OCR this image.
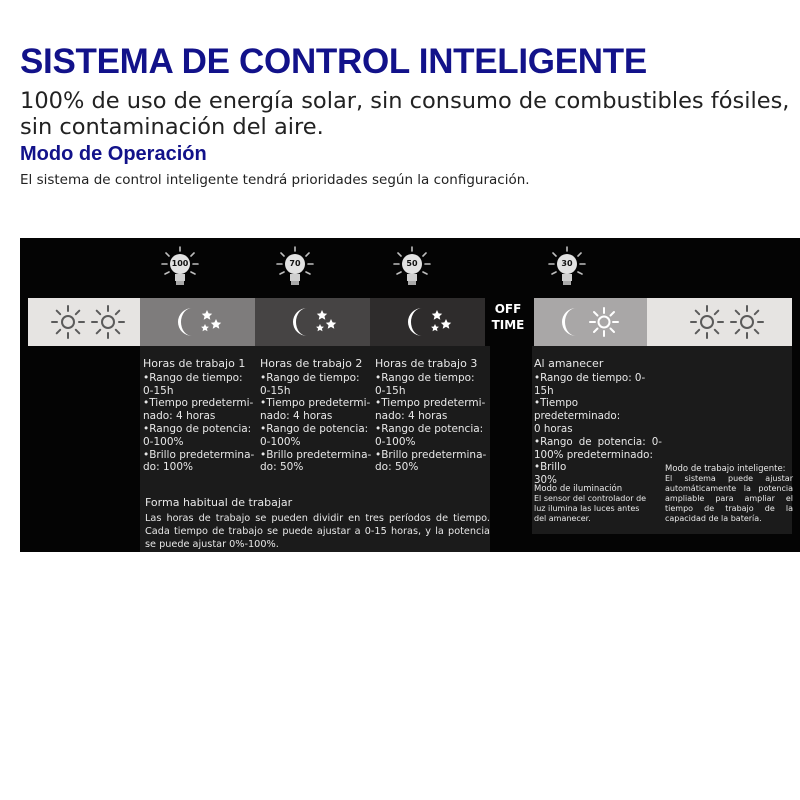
SISTEMA DE CONTROL INTELIGENTE
100% de uso de energía solar, sin consumo de combustibles fósiles, sin contaminación del aire.
Modo de Operación
El sistema de control inteligente tendrá prioridades según la configuración.
100	70	50	30
OFF
TIME
Horas de trabajo 1
•Rango de tiempo:
0-15h
•Tiempo predetermi-
nado: 4 horas
•Rango de potencia:
0-100%
•Brillo predetermina-
do: 100%
Horas de trabajo 2
•Rango de tiempo:
0-15h
•Tiempo predetermi-
nado: 4 horas
•Rango de potencia:
0-100%
•Brillo predetermina-
do: 50%
Horas de trabajo 3
•Rango de tiempo:
0-15h
•Tiempo predetermi-
nado: 4 horas
•Rango de potencia:
0-100%
•Brillo predetermina-
do: 50%
Forma habitual de trabajar
Las horas de trabajo se pueden dividir en tres períodos de tiempo. Cada tiempo de trabajo se puede ajustar a 0-15 horas, y la potencia se puede ajustar 0%-100%.
Al amanecer
•Rango de tiempo: 0-15h
•Tiempo predeterminado:
0 horas
•Rango de potencia: 0-100% predeterminado:
•Brillo
30%
Modo de iluminación
El sensor del controlador de luz ilumina las luces antes del amanecer.
Modo de trabajo inteligente:
El sistema puede ajustar automáticamente la potencia ampliable para ampliar el tiempo de trabajo de la capacidad de la batería.
